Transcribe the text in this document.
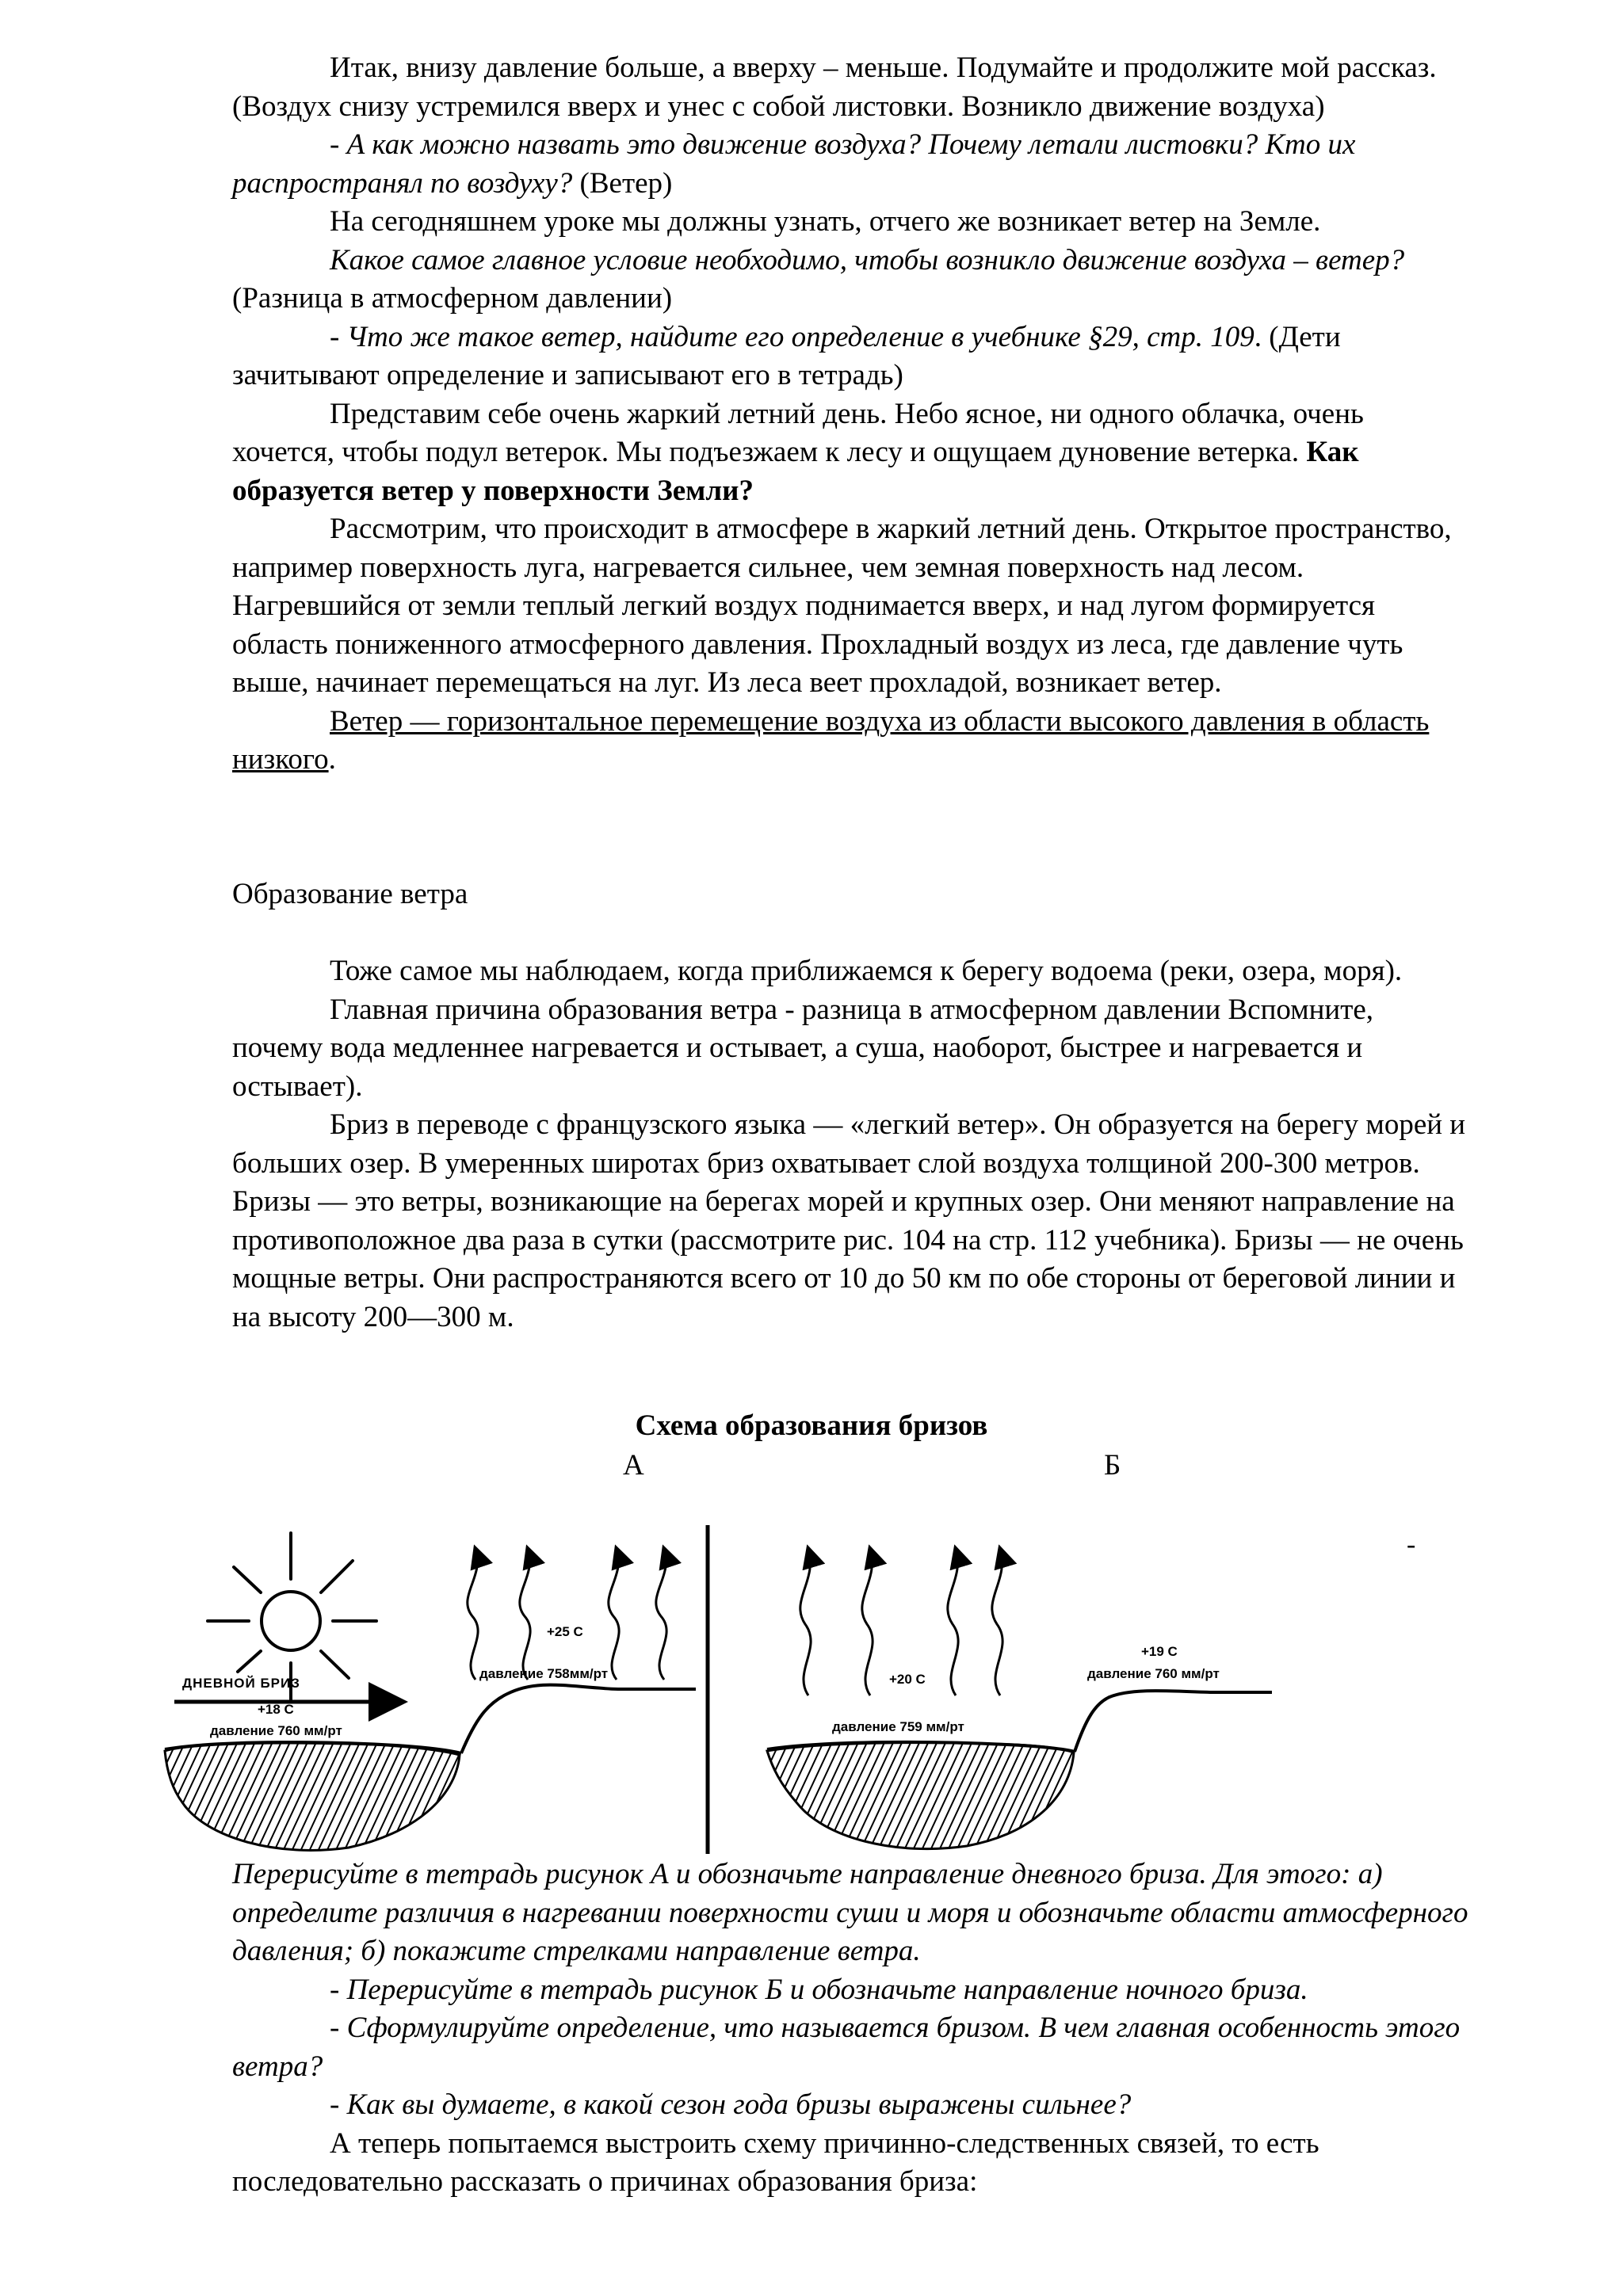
Итак, внизу давление больше, а вверху – меньше. Подумайте и продолжите мой рассказ. (Воздух снизу устремился вверх и унес с собой листовки. Возникло движение воздуха)

- А как можно назвать это движение воздуха? Почему летали листовки? Кто их распространял по воздуху? (Ветер)

На сегодняшнем уроке мы должны узнать, отчего же возникает ветер на Земле.

Какое самое главное условие необходимо, чтобы возникло движение воздуха – ветер? (Разница в атмосферном давлении)

- Что же такое ветер, найдите его определение в учебнике §29, стр. 109. (Дети зачитывают определение и записывают его в тетрадь)

Представим себе очень жаркий летний день. Небо ясное, ни одного облачка, очень хочется, чтобы подул ветерок. Мы подъезжаем к лесу и ощущаем дуновение ветерка. Как образуется ветер у поверхности Земли?

Рассмотрим, что происходит в атмосфере в жаркий летний день. Открытое пространство, например поверхность луга, нагревается сильнее, чем земная поверхность над лесом. Нагревшийся от земли теплый легкий воздух поднимается вверх, и над лугом формируется область пониженного атмосферного давления. Прохладный воздух из леса, где давление чуть выше, начинает перемещаться на луг. Из леса веет прохладой, возникает ветер.

Ветер — горизонтальное перемещение воздуха из области высокого давления в область низкого.

Образование ветра

Тоже самое мы наблюдаем, когда приближаемся к берегу водоема (реки, озера, моря).

Главная причина образования ветра - разница в атмосферном давлении Вспомните, почему вода медленнее нагревается и остывает, а суша, наоборот, быстрее и нагревается и остывает).

Бриз в переводе с французского языка — «легкий ветер». Он образуется на берегу морей и больших озер. В умеренных широтах бриз охватывает слой воздуха толщиной 200-300 метров. Бризы — это ветры, возникающие на берегах морей и крупных озер. Они меняют направление на противоположное два раза в сутки (рассмотрите рис. 104 на стр. 112 учебника). Бризы — не очень мощные ветры. Они распространяются всего от 10 до 50 км по обе стороны от береговой линии и на высоту 200—300 м.

Схема образования бризов
А	Б
ДНЕВНОЙ БРИЗ
+18 С
давление 760 мм/рт
+25 С
давление 758мм/рт	+20 С
давление 759 мм/рт
+19 С
давление 760 мм/рт
-

Перерисуйте в тетрадь рисунок А и обозначьте направление дневного бриза. Для этого: а) определите различия в нагревании поверхности суши и моря и обозначьте области атмосферного давления; б) покажите стрелками направление ветра.

- Перерисуйте в тетрадь рисунок Б и обозначьте направление ночного бриза.

- Сформулируйте определение, что называется бризом. В чем главная особенность этого ветра?

- Как вы думаете, в какой сезон года бризы выражены сильнее?

А теперь попытаемся выстроить схему причинно-следственных связей, то есть последовательно рассказать о причинах образования бриза:
